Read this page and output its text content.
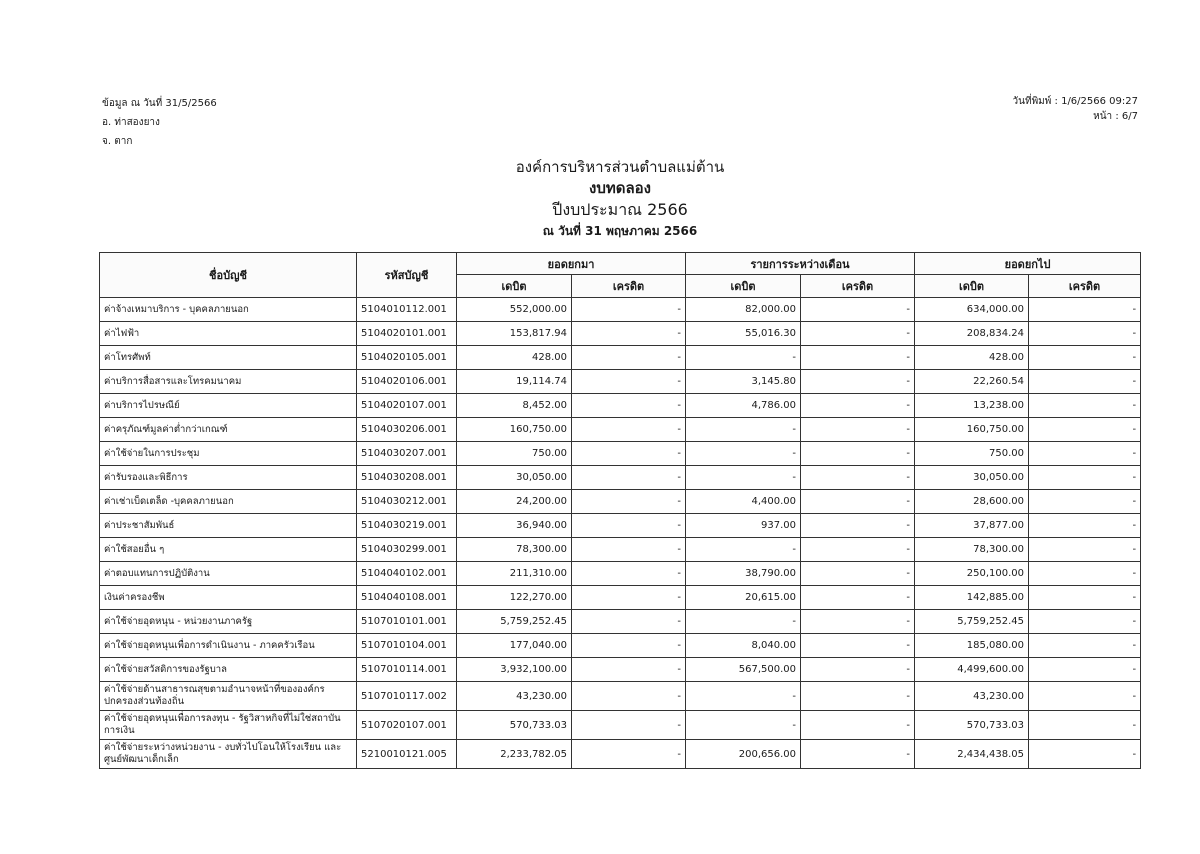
ข้อมูล ณ วันที่ 31/5/2566
อ. ท่าสองยาง
จ. ตาก
วันที่พิมพ์ : 1/6/2566 09:27
หน้า : 6/7
องค์การบริหารส่วนตำบลแม่ต้าน
งบทดลอง
ปีงบประมาณ 2566
ณ วันที่ 31 พฤษภาคม 2566
ชื่อบัญชี	รหัสบัญชี	ยอดยกมา		รายการระหว่างเดือน		ยอดยกไป	
		เดบิต	เครดิต	เดบิต	เครดิต	เดบิต	เครดิต
ค่าจ้างเหมาบริการ - บุคคลภายนอก	5104010112.001	552,000.00	-	82,000.00	-	634,000.00	-
ค่าไฟฟ้า	5104020101.001	153,817.94	-	55,016.30	-	208,834.24	-
ค่าโทรศัพท์	5104020105.001	428.00	-	-	-	428.00	-
ค่าบริการสื่อสารและโทรคมนาคม	5104020106.001	19,114.74	-	3,145.80	-	22,260.54	-
ค่าบริการไปรษณีย์	5104020107.001	8,452.00	-	4,786.00	-	13,238.00	-
ค่าครุภัณฑ์มูลค่าต่ำกว่าเกณฑ์	5104030206.001	160,750.00	-	-	-	160,750.00	-
ค่าใช้จ่ายในการประชุม	5104030207.001	750.00	-	-	-	750.00	-
ค่ารับรองและพิธีการ	5104030208.001	30,050.00	-	-	-	30,050.00	-
ค่าเช่าเบ็ดเตล็ด -บุคคลภายนอก	5104030212.001	24,200.00	-	4,400.00	-	28,600.00	-
ค่าประชาสัมพันธ์	5104030219.001	36,940.00	-	937.00	-	37,877.00	-
ค่าใช้สอยอื่น ๆ	5104030299.001	78,300.00	-	-	-	78,300.00	-
ค่าตอบแทนการปฏิบัติงาน	5104040102.001	211,310.00	-	38,790.00	-	250,100.00	-
เงินค่าครองชีพ	5104040108.001	122,270.00	-	20,615.00	-	142,885.00	-
ค่าใช้จ่ายอุดหนุน - หน่วยงานภาครัฐ	5107010101.001	5,759,252.45	-	-	-	5,759,252.45	-
ค่าใช้จ่ายอุดหนุนเพื่อการดำเนินงาน - ภาคครัวเรือน	5107010104.001	177,040.00	-	8,040.00	-	185,080.00	-
ค่าใช้จ่ายสวัสดิการของรัฐบาล	5107010114.001	3,932,100.00	-	567,500.00	-	4,499,600.00	-
ค่าใช้จ่ายด้านสาธารณสุขตามอำนาจหน้าที่ขององค์กรปกครองส่วนท้องถิ่น	5107010117.002	43,230.00	-	-	-	43,230.00	-
ค่าใช้จ่ายอุดหนุนเพื่อการลงทุน - รัฐวิสาหกิจที่ไม่ใช่สถาบันการเงิน	5107020107.001	570,733.03	-	-	-	570,733.03	-
ค่าใช้จ่ายระหว่างหน่วยงาน - งบทั่วไปโอนให้โรงเรียน และศูนย์พัฒนาเด็กเล็ก	5210010121.005	2,233,782.05	-	200,656.00	-	2,434,438.05	-
